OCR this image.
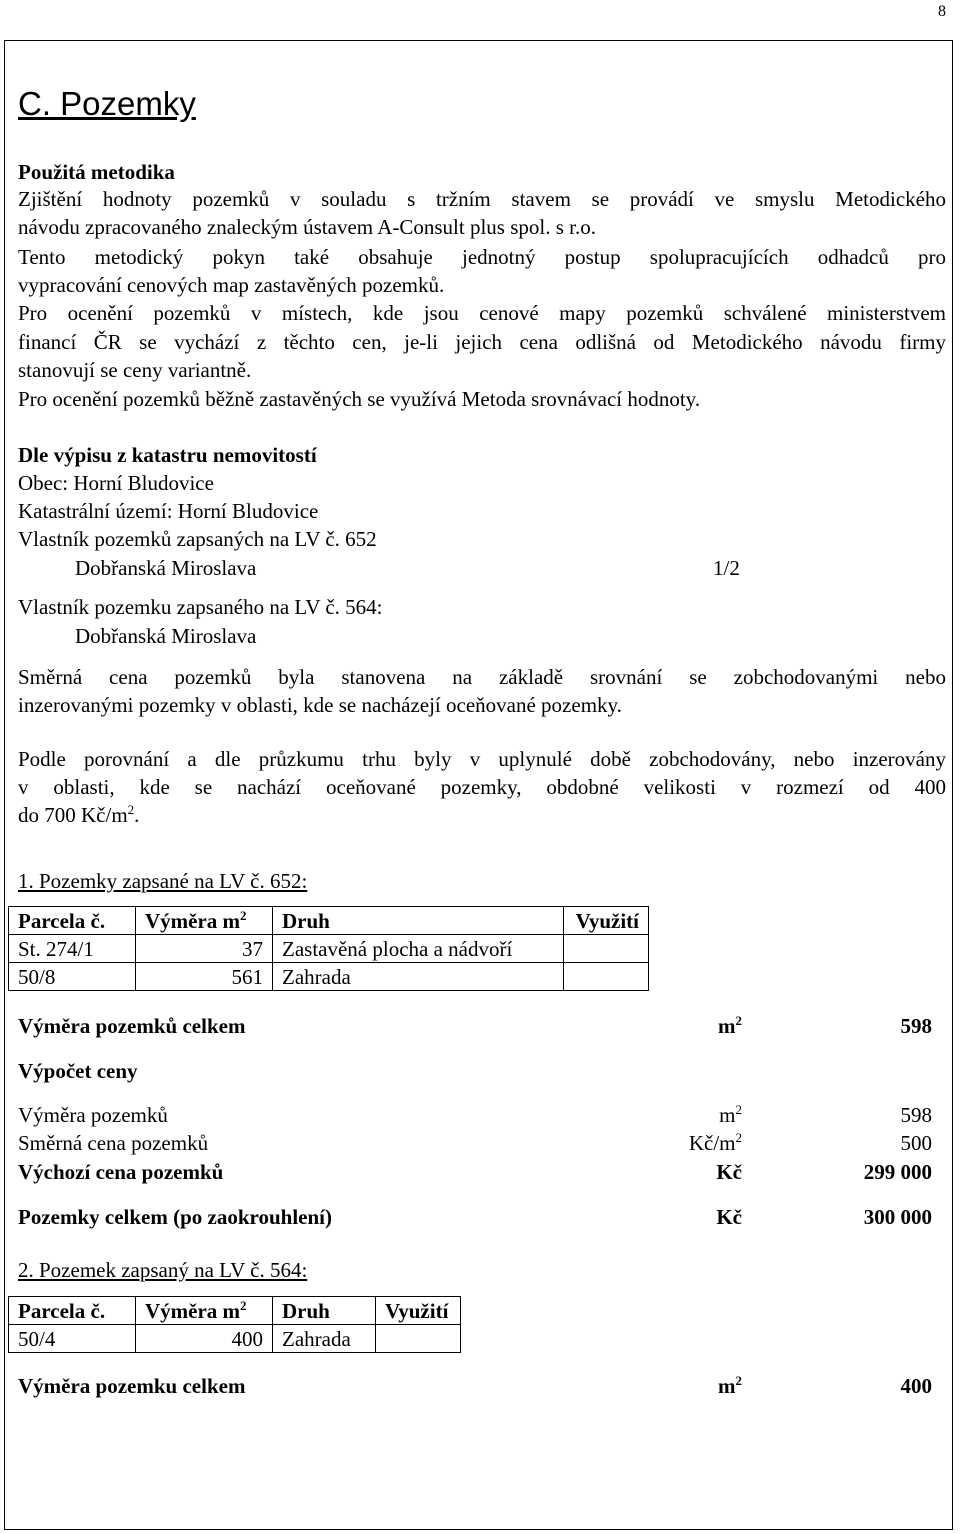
8
C. Pozemky
Použitá metodika
Zjištění hodnoty pozemků v souladu s tržním stavem se provádí ve smyslu Metodického
návodu zpracovaného znaleckým ústavem A-Consult plus spol. s r.o.
Tento metodický pokyn také obsahuje jednotný postup spolupracujících odhadců pro
vypracování cenových map zastavěných pozemků.
Pro ocenění pozemků v místech, kde jsou cenové mapy pozemků schválené ministerstvem
financí ČR se vychází z těchto cen, je-li jejich cena odlišná od Metodického návodu firmy
stanovují se ceny variantně.
Pro ocenění pozemků běžně zastavěných se využívá Metoda srovnávací hodnoty.
Dle výpisu z katastru nemovitostí
Obec: Horní Bludovice
Katastrální území: Horní Bludovice
Vlastník pozemků zapsaných na LV č. 652
Dobřanská Miroslava	1/2
Vlastník pozemku zapsaného na LV č. 564:
Dobřanská Miroslava
Směrná cena pozemků byla stanovena na základě srovnání se zobchodovanými nebo
inzerovanými pozemky v oblasti, kde se nacházejí oceňované pozemky.
Podle porovnání a dle průzkumu trhu byly v uplynulé době zobchodovány, nebo inzerovány
v oblasti, kde se nachází oceňované pozemky, obdobné velikosti v rozmezí od 400
do 700 $Kč/m^2$.
1. Pozemky zapsané na LV č. 652:
Parcela č.	Výměra $m^2$	Druh	Využití
St. 274/1	37	Zastavěná plocha a nádvoří	
50/8	561	Zahrada	
Výměra pozemků celkem	$m^2$	598
Výpočet ceny
Výměra pozemků	$m^2$	598
Směrná cena pozemků	$Kč/m^2$	500
Výchozí cena pozemků	Kč	299 000
Pozemky celkem (po zaokrouhlení)	Kč	300 000
2. Pozemek zapsaný na LV č. 564:
Parcela č.	Výměra $m^2$	Druh	Využití
50/4	400	Zahrada	
Výměra pozemku celkem	$m^2$	400
